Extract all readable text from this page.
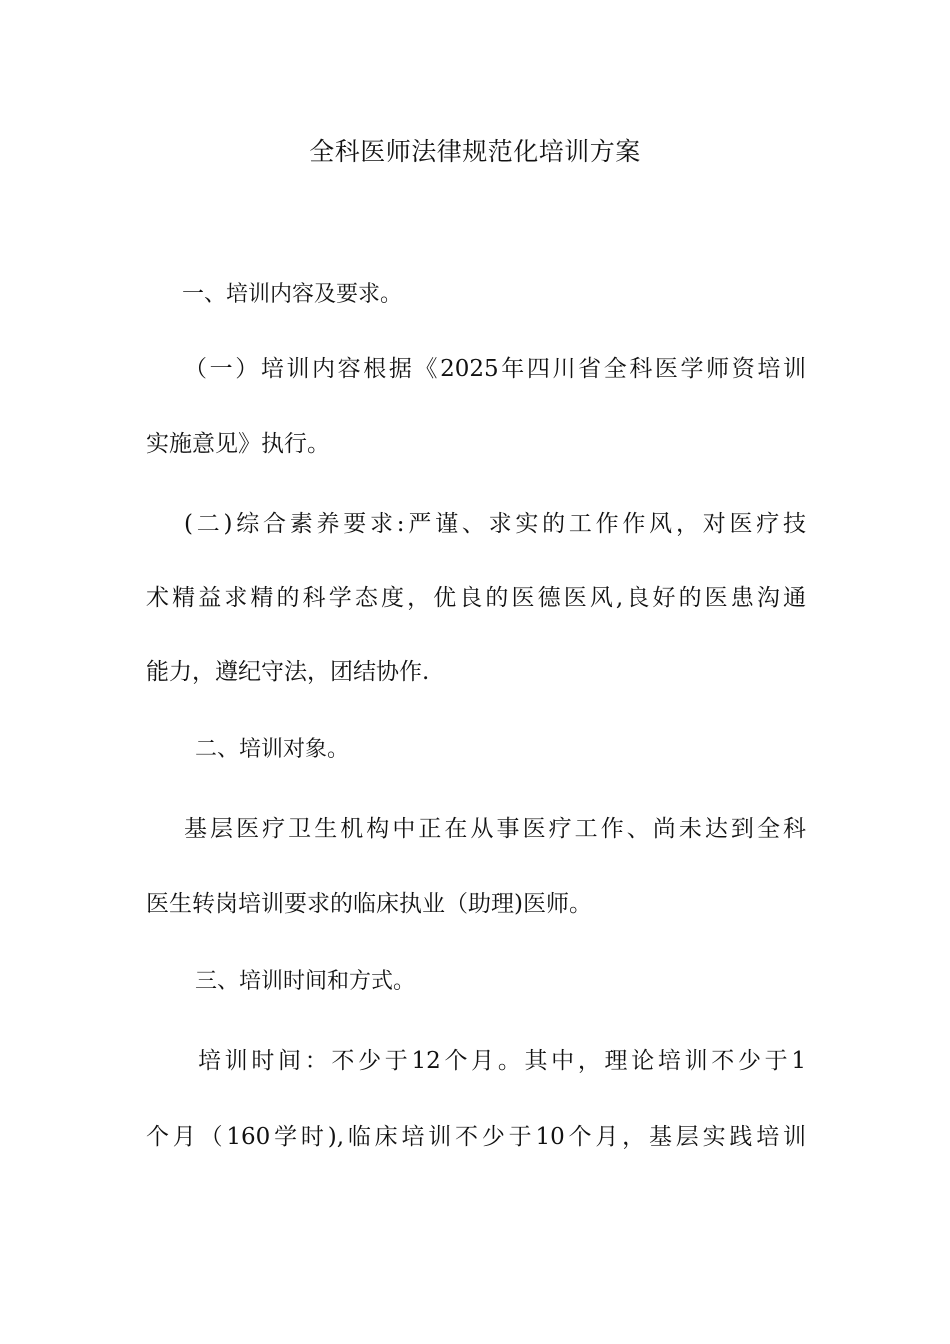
全科医师法律规范化培训方案
一、培训内容及要求。
（一）培训内容根据《2025年四川省全科医学师资培训
实施意见》执行。
(二)综合素养要求:严谨、求实的工作作风，对医疗技
术精益求精的科学态度，优良的医德医风,良好的医患沟通
能力，遵纪守法，团结协作.
二、培训对象。
基层医疗卫生机构中正在从事医疗工作、尚未达到全科
医生转岗培训要求的临床执业（助理)医师。
三、培训时间和方式。
培训时间：不少于12个月。其中，理论培训不少于1
个月（160学时),临床培训不少于10个月，基层实践培训
